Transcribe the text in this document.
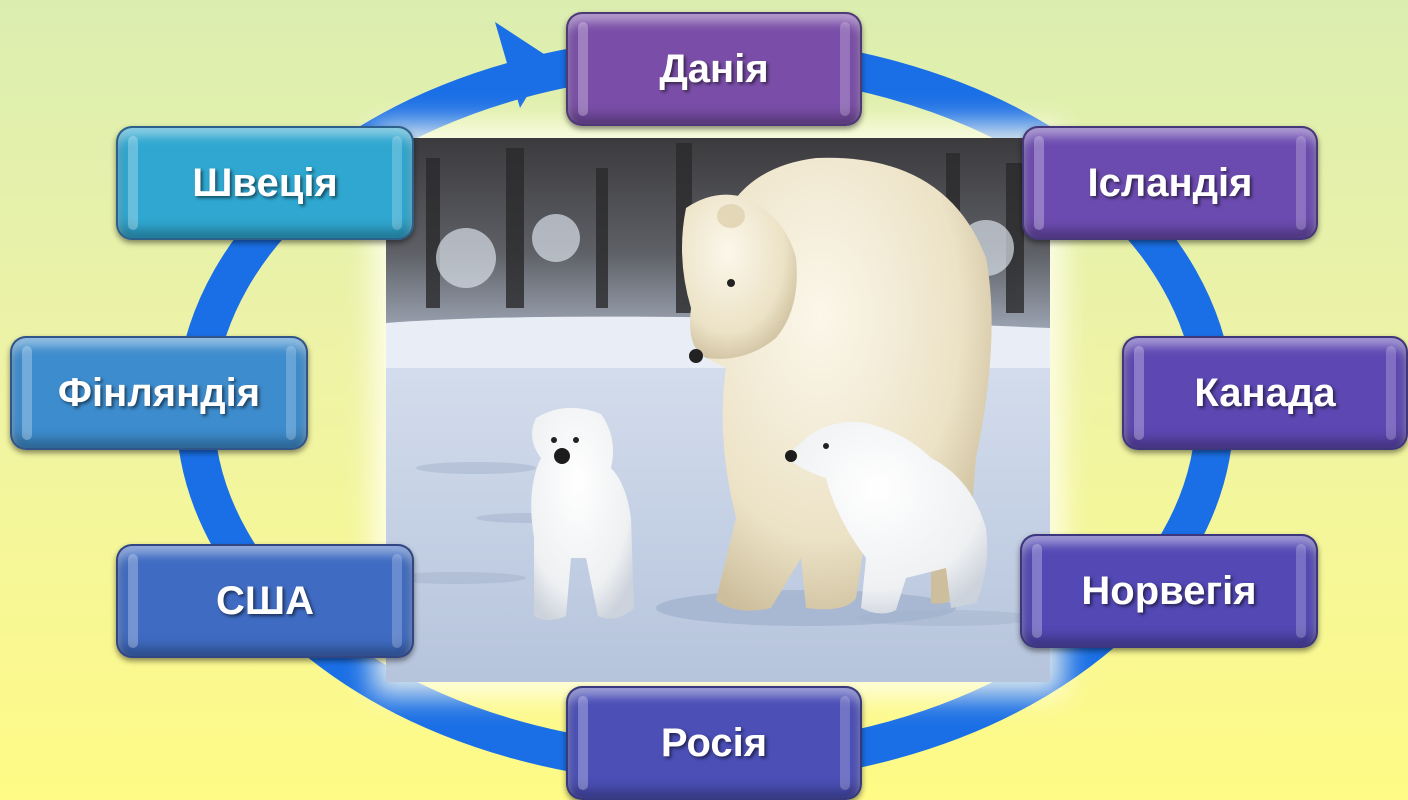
Данія
Ісландія
Канада
Норвегія
Росія
США
Фінляндія
Швеція
